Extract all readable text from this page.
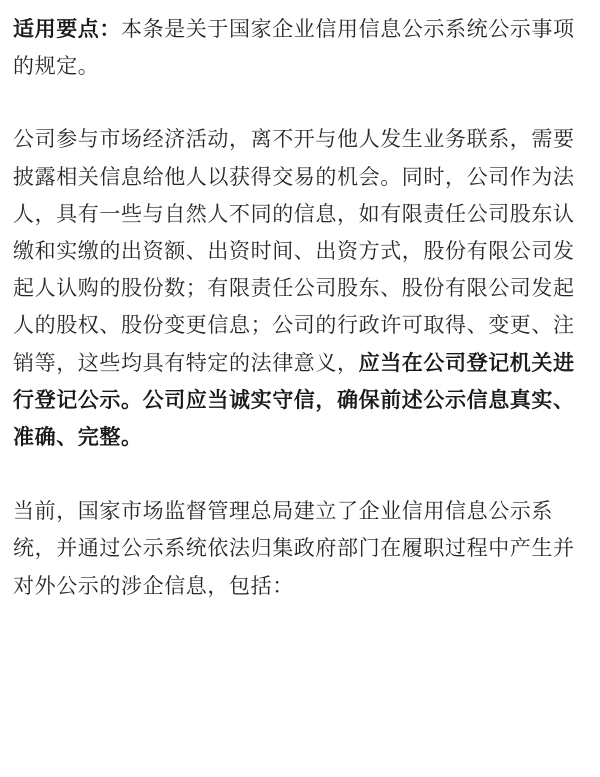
适用要点：本条是关于国家企业信用信息公示系统公示事项的规定。

公司参与市场经济活动，离不开与他人发生业务联系，需要披露相关信息给他人以获得交易的机会。同时，公司作为法人，具有一些与自然人不同的信息，如有限责任公司股东认缴和实缴的出资额、出资时间、出资方式，股份有限公司发起人认购的股份数；有限责任公司股东、股份有限公司发起人的股权、股份变更信息；公司的行政许可取得、变更、注销等，这些均具有特定的法律意义，应当在公司登记机关进行登记公示。公司应当诚实守信，确保前述公示信息真实、准确、完整。

当前，国家市场监督管理总局建立了企业信用信息公示系统，并通过公示系统依法归集政府部门在履职过程中产生并对外公示的涉企信息，包括：
